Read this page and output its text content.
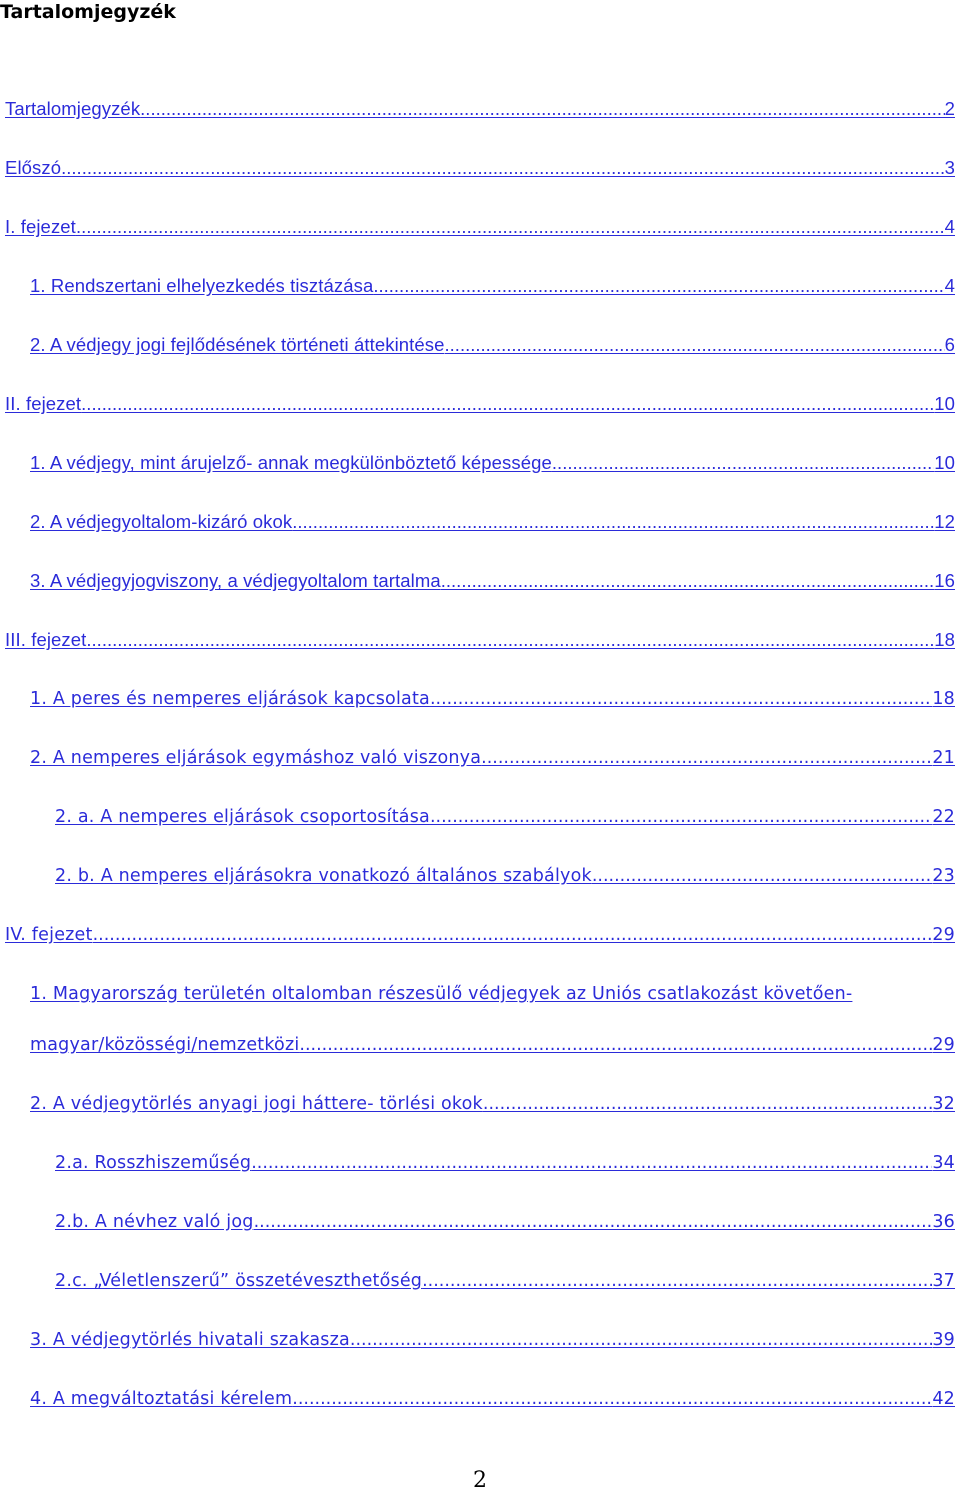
Tartalomjegyzék
Tartalomjegyzék .....	2
Előszó .....	3
I. fejezet .....	4
1. Rendszertani elhelyezkedés tisztázása .....	4
2. A védjegy jogi fejlődésének történeti áttekintése .....	6
II. fejezet .....	10
1. A védjegy, mint árujelző- annak megkülönböztető képessége .....	10
2. A védjegyoltalom-kizáró okok .....	12
3. A védjegyjogviszony, a védjegyoltalom tartalma .....	16
III. fejezet .....	18
1. A peres és nemperes eljárások kapcsolata .....	18
2. A nemperes eljárások egymáshoz való viszonya .....	21
2. a. A nemperes eljárások csoportosítása .....	22
2. b. A nemperes eljárásokra vonatkozó általános szabályok .....	23
IV. fejezet .....	29
1. Magyarország területén oltalomban részesülő védjegyek az Uniós csatlakozást követően-
magyar/közösségi/nemzetközi .....	29
2. A védjegytörlés anyagi jogi háttere- törlési okok .....	32
2.a. Rosszhiszeműség .....	34
2.b. A névhez való jog .....	36
2.c. „Véletlenszerű” összetéveszthetőség .....	37
3. A védjegytörlés hivatali szakasza .....	39
4. A megváltoztatási kérelem .....	42
2
